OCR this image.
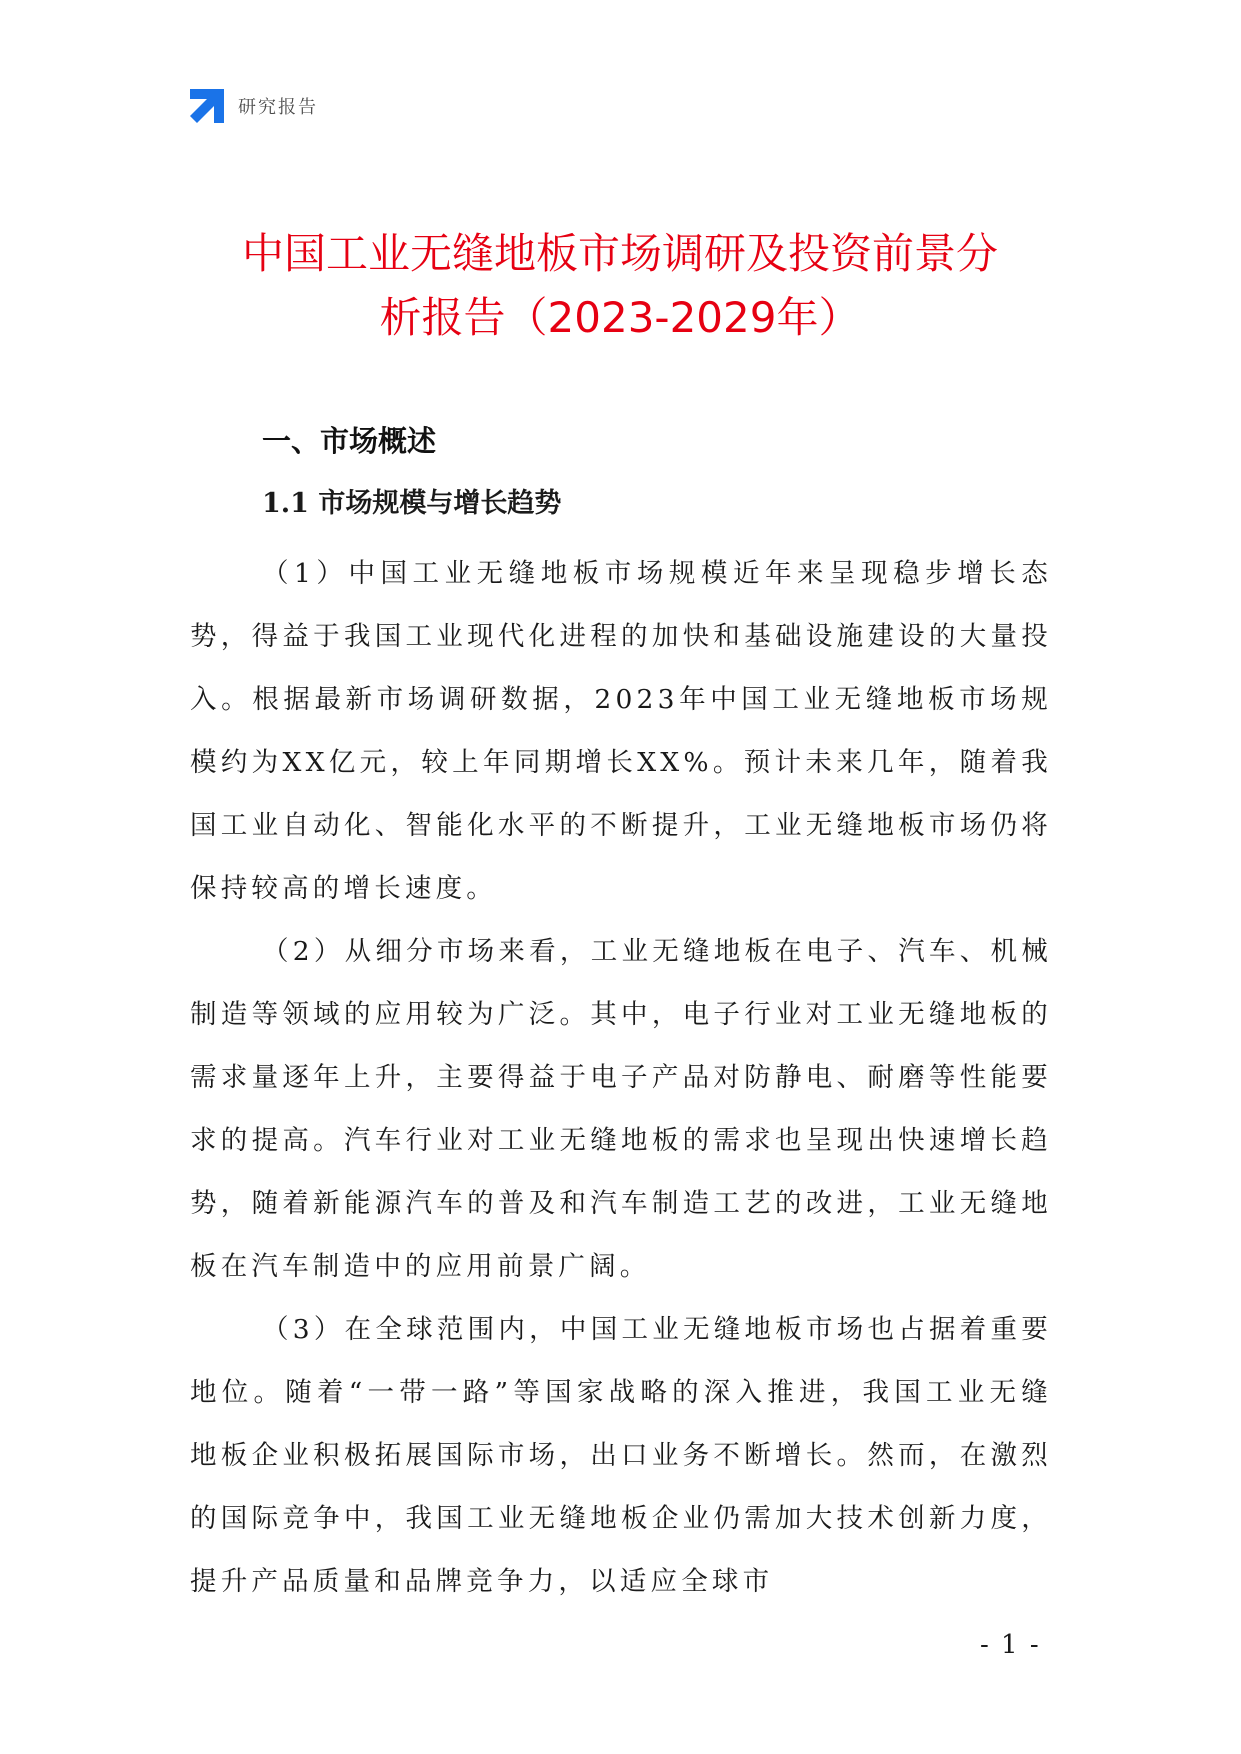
研究报告
中国工业无缝地板市场调研及投资前景分
析报告（2023-2029年）
一、市场概述
1.1 市场规模与增长趋势

（1）中国工业无缝地板市场规模近年来呈现稳步增长态势，得益于我国工业现代化进程的加快和基础设施建设的大量投入。根据最新市场调研数据，2023年中国工业无缝地板市场规模约为XX亿元，较上年同期增长XX%。预计未来几年，随着我国工业自动化、智能化水平的不断提升，工业无缝地板市场仍将保持较高的增长速度。

（2）从细分市场来看，工业无缝地板在电子、汽车、机械制造等领域的应用较为广泛。其中，电子行业对工业无缝地板的需求量逐年上升，主要得益于电子产品对防静电、耐磨等性能要求的提高。汽车行业对工业无缝地板的需求也呈现出快速增长趋势，随着新能源汽车的普及和汽车制造工艺的改进，工业无缝地板在汽车制造中的应用前景广阔。

（3）在全球范围内，中国工业无缝地板市场也占据着重要地位。随着“一带一路”等国家战略的深入推进，我国工业无缝地板企业积极拓展国际市场，出口业务不断增长。然而，在激烈的国际竞争中，我国工业无缝地板企业仍需加大技术创新力度，提升产品质量和品牌竞争力，以适应全球市

- 1 -
